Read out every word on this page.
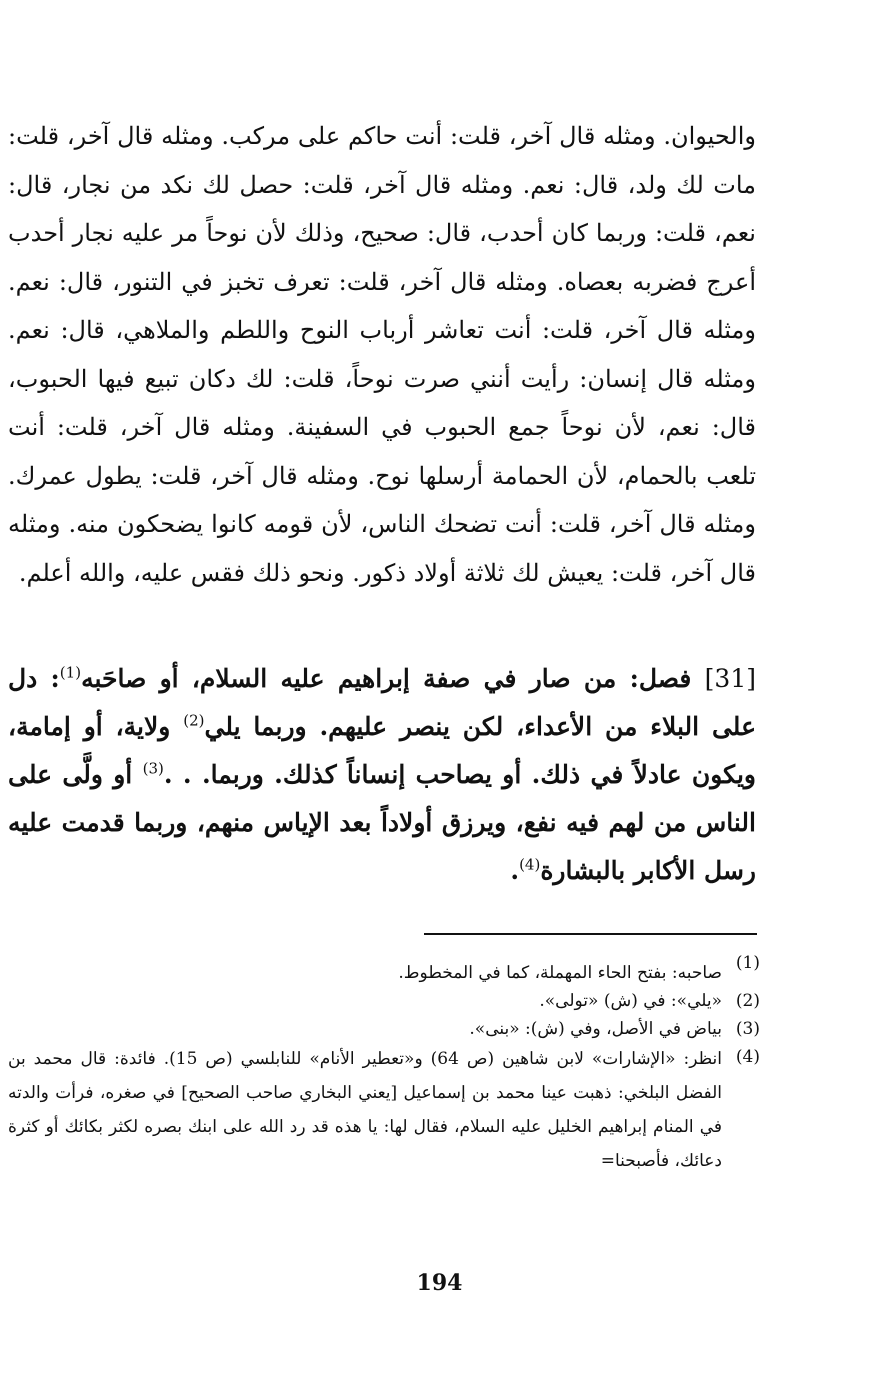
والحيوان. ومثله قال آخر، قلت: أنت حاكم على مركب. ومثله قال آخر، قلت: مات لك ولد، قال: نعم. ومثله قال آخر، قلت: حصل لك نكد من نجار، قال: نعم، قلت: وربما كان أحدب، قال: صحيح، وذلك لأن نوحاً مر عليه نجار أحدب أعرج فضربه بعصاه. ومثله قال آخر، قلت: تعرف تخبز في التنور، قال: نعم. ومثله قال آخر، قلت: أنت تعاشر أرباب النوح واللطم والملاهي، قال: نعم. ومثله قال إنسان: رأيت أنني صرت نوحاً، قلت: لك دكان تبيع فيها الحبوب، قال: نعم، لأن نوحاً جمع الحبوب في السفينة. ومثله قال آخر، قلت: أنت تلعب بالحمام، لأن الحمامة أرسلها نوح. ومثله قال آخر، قلت: يطول عمرك. ومثله قال آخر، قلت: أنت تضحك الناس، لأن قومه كانوا يضحكون منه. ومثله قال آخر، قلت: يعيش لك ثلاثة أولاد ذكور. ونحو ذلك فقس عليه، والله أعلم.

[31] فصل: من صار في صفة إبراهيم عليه السلام، أو صاحَبه$^{(1)}$: دل على البلاء من الأعداء، لكن ينصر عليهم. وربما يلي$^{(2)}$ ولاية، أو إمامة، ويكون عادلاً في ذلك. أو يصاحب إنساناً كذلك. وربما. . .$^{(3)}$ أو ولَّى على الناس من لهم فيه نفع، ويرزق أولاداً بعد الإياس منهم، وربما قدمت عليه رسل الأكابر بالبشارة$^{(4)}$.

(1)
صاحبه: بفتح الحاء المهملة، كما في المخطوط.
(2)
«يلي»: في (ش) «تولى».
(3)
بياض في الأصل، وفي (ش): «بنى».
(4)
انظر: «الإشارات» لابن شاهين (ص 64) و«تعطير الأنام» للنابلسي (ص 15). فائدة: قال محمد بن الفضل البلخي: ذهبت عينا محمد بن إسماعيل [يعني البخاري صاحب الصحيح] في صغره، فرأت والدته في المنام إبراهيم الخليل عليه السلام، فقال لها: يا هذه قد رد الله على ابنك بصره لكثر بكائك أو كثرة دعائك، فأصبحنا=
194
